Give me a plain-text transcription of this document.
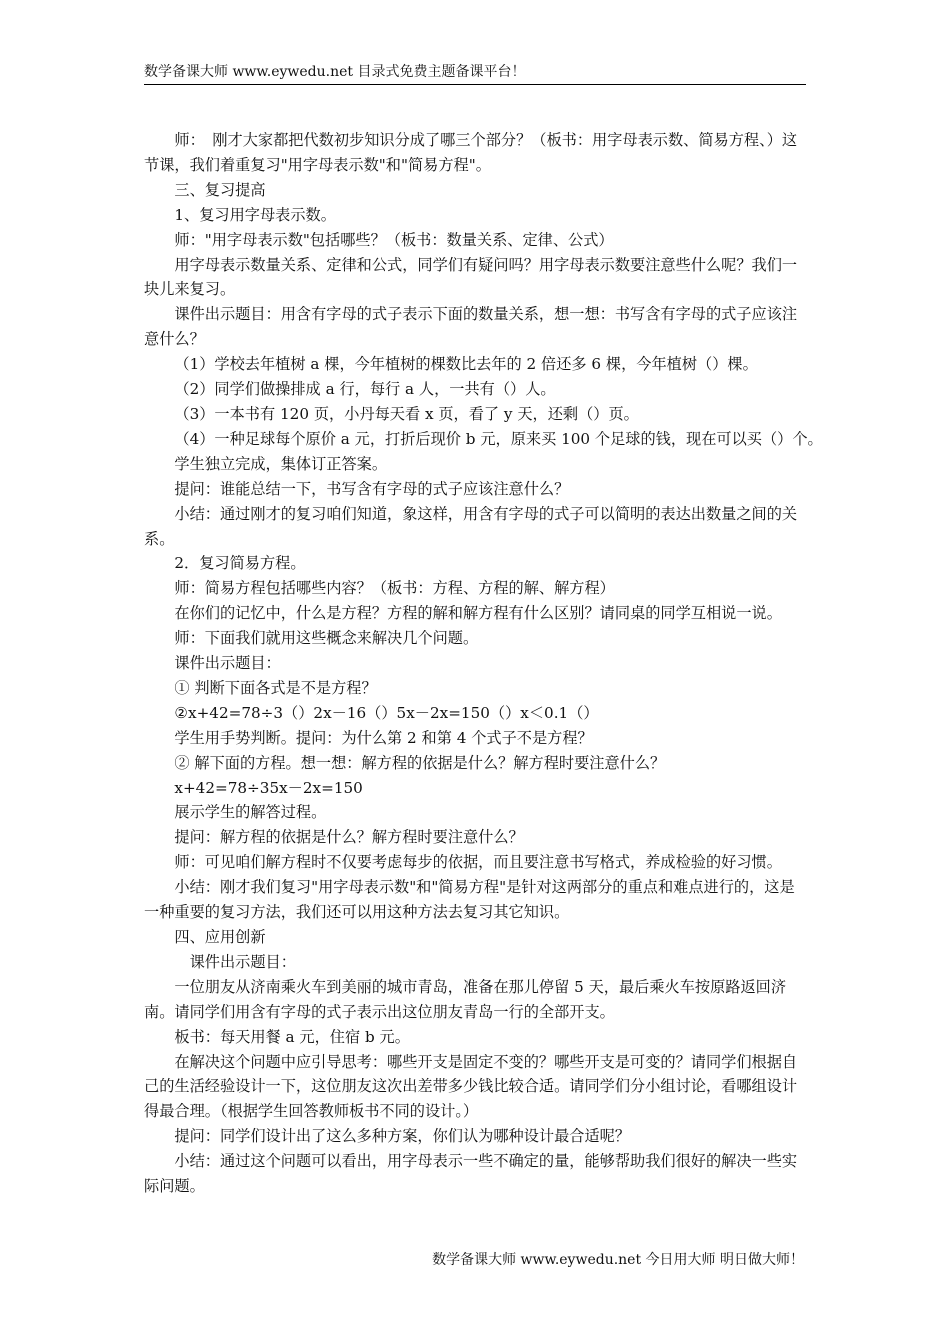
数学备课大师 www.eywedu.net 目录式免费主题备课平台！

师：　刚才大家都把代数初步知识分成了哪三个部分？（板书：用字母表示数、简易方程、）这节课，我们着重复习"用字母表示数"和"简易方程"。

三、复习提高

1、复习用字母表示数。

师："用字母表示数"包括哪些？（板书：数量关系、定律、公式）

用字母表示数量关系、定律和公式，同学们有疑问吗？用字母表示数要注意些什么呢？我们一块儿来复习。

课件出示题目：用含有字母的式子表示下面的数量关系，想一想：书写含有字母的式子应该注意什么？

（1）学校去年植树 a 棵，今年植树的棵数比去年的 2 倍还多 6 棵，今年植树（）棵。

（2）同学们做操排成 a 行，每行 a 人，一共有（）人。

（3）一本书有 120 页，小丹每天看 x 页，看了 y 天，还剩（）页。

（4）一种足球每个原价 a 元，打折后现价 b 元，原来买 100 个足球的钱，现在可以买（）个。

学生独立完成，集体订正答案。

提问：谁能总结一下，书写含有字母的式子应该注意什么？

小结：通过刚才的复习咱们知道，象这样，用含有字母的式子可以简明的表达出数量之间的关系。

2．复习简易方程。

师：简易方程包括哪些内容？（板书：方程、方程的解、解方程）

在你们的记忆中，什么是方程？方程的解和解方程有什么区别？请同桌的同学互相说一说。

师：下面我们就用这些概念来解决几个问题。

课件出示题目：

① 判断下面各式是不是方程？

②x+42=78÷3（）2x－16（）5x－2x=150（）x＜0.1（）

学生用手势判断。提问：为什么第 2 和第 4 个式子不是方程？

② 解下面的方程。想一想：解方程的依据是什么？解方程时要注意什么？

x+42=78÷35x－2x=150

展示学生的解答过程。

提问：解方程的依据是什么？解方程时要注意什么？

师：可见咱们解方程时不仅要考虑每步的依据，而且要注意书写格式，养成检验的好习惯。

小结：刚才我们复习"用字母表示数"和"简易方程"是针对这两部分的重点和难点进行的，这是一种重要的复习方法，我们还可以用这种方法去复习其它知识。

四、应用创新

课件出示题目：

一位朋友从济南乘火车到美丽的城市青岛，准备在那儿停留 5 天，最后乘火车按原路返回济南。请同学们用含有字母的式子表示出这位朋友青岛一行的全部开支。

板书：每天用餐 a 元，住宿 b 元。

在解决这个问题中应引导思考：哪些开支是固定不变的？哪些开支是可变的？请同学们根据自己的生活经验设计一下，这位朋友这次出差带多少钱比较合适。请同学们分小组讨论，看哪组设计得最合理。（根据学生回答教师板书不同的设计。）

提问：同学们设计出了这么多种方案，你们认为哪种设计最合适呢？

小结：通过这个问题可以看出，用字母表示一些不确定的量，能够帮助我们很好的解决一些实际问题。

数学备课大师 www.eywedu.net 今日用大师 明日做大师！
